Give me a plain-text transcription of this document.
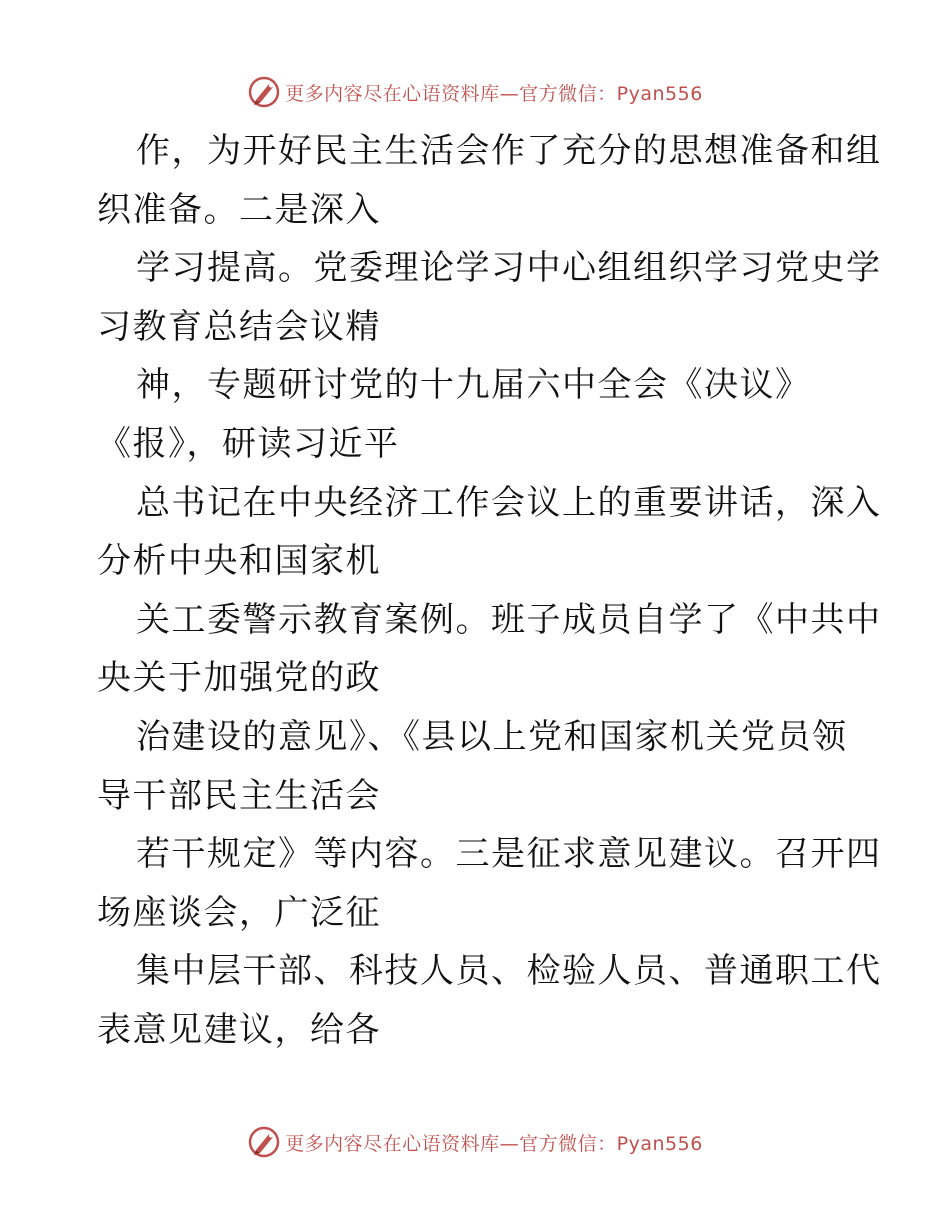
更多内容尽在心语资料库—官方微信：Pyan556
作，为开好民主生活会作了充分的思想准备和组
织准备。二是深入
学习提高。党委理论学习中心组组织学习党史学
习教育总结会议精
神，专题研讨党的十九届六中全会《决议》
《报》，研读习近平
总书记在中央经济工作会议上的重要讲话，深入
分析中央和国家机
关工委警示教育案例。班子成员自学了《中共中
央关于加强党的政
治建设的意见》、《县以上党和国家机关党员领
导干部民主生活会
若干规定》等内容。三是征求意见建议。召开四
场座谈会，广泛征
集中层干部、科技人员、检验人员、普通职工代
表意见建议，给各
更多内容尽在心语资料库—官方微信：Pyan556
